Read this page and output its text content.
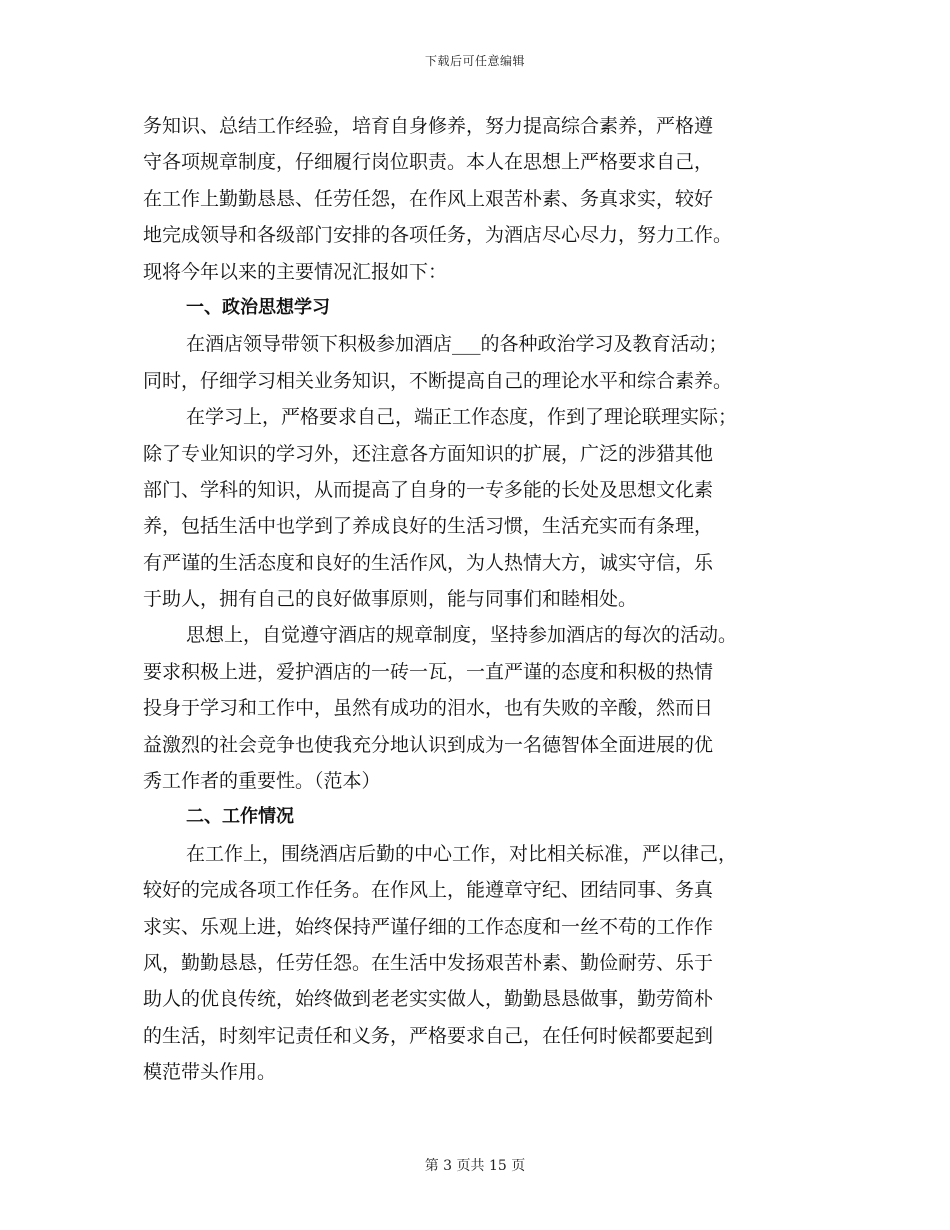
下载后可任意编辑
务知识、总结工作经验，培育自身修养，努力提高综合素养，严格遵
守各项规章制度，仔细履行岗位职责。本人在思想上严格要求自己，
在工作上勤勤恳恳、任劳任怨，在作风上艰苦朴素、务真求实，较好
地完成领导和各级部门安排的各项任务，为酒店尽心尽力，努力工作。
现将今年以来的主要情况汇报如下：
一、政治思想学习
在酒店领导带领下积极参加酒店___的各种政治学习及教育活动；
同时，仔细学习相关业务知识，不断提高自己的理论水平和综合素养。
在学习上，严格要求自己，端正工作态度，作到了理论联理实际；
除了专业知识的学习外，还注意各方面知识的扩展，广泛的涉猎其他
部门、学科的知识，从而提高了自身的一专多能的长处及思想文化素
养，包括生活中也学到了养成良好的生活习惯，生活充实而有条理，
有严谨的生活态度和良好的生活作风，为人热情大方，诚实守信，乐
于助人，拥有自己的良好做事原则，能与同事们和睦相处。
思想上，自觉遵守酒店的规章制度，坚持参加酒店的每次的活动。
要求积极上进，爱护酒店的一砖一瓦，一直严谨的态度和积极的热情
投身于学习和工作中，虽然有成功的泪水，也有失败的辛酸，然而日
益激烈的社会竞争也使我充分地认识到成为一名德智体全面进展的优
秀工作者的重要性。（范本）
二、工作情况
在工作上，围绕酒店后勤的中心工作，对比相关标准，严以律己，
较好的完成各项工作任务。在作风上，能遵章守纪、团结同事、务真
求实、乐观上进，始终保持严谨仔细的工作态度和一丝不苟的工作作
风，勤勤恳恳，任劳任怨。在生活中发扬艰苦朴素、勤俭耐劳、乐于
助人的优良传统，始终做到老老实实做人，勤勤恳恳做事，勤劳简朴
的生活，时刻牢记责任和义务，严格要求自己，在任何时候都要起到
模范带头作用。
第 3 页共 15 页
